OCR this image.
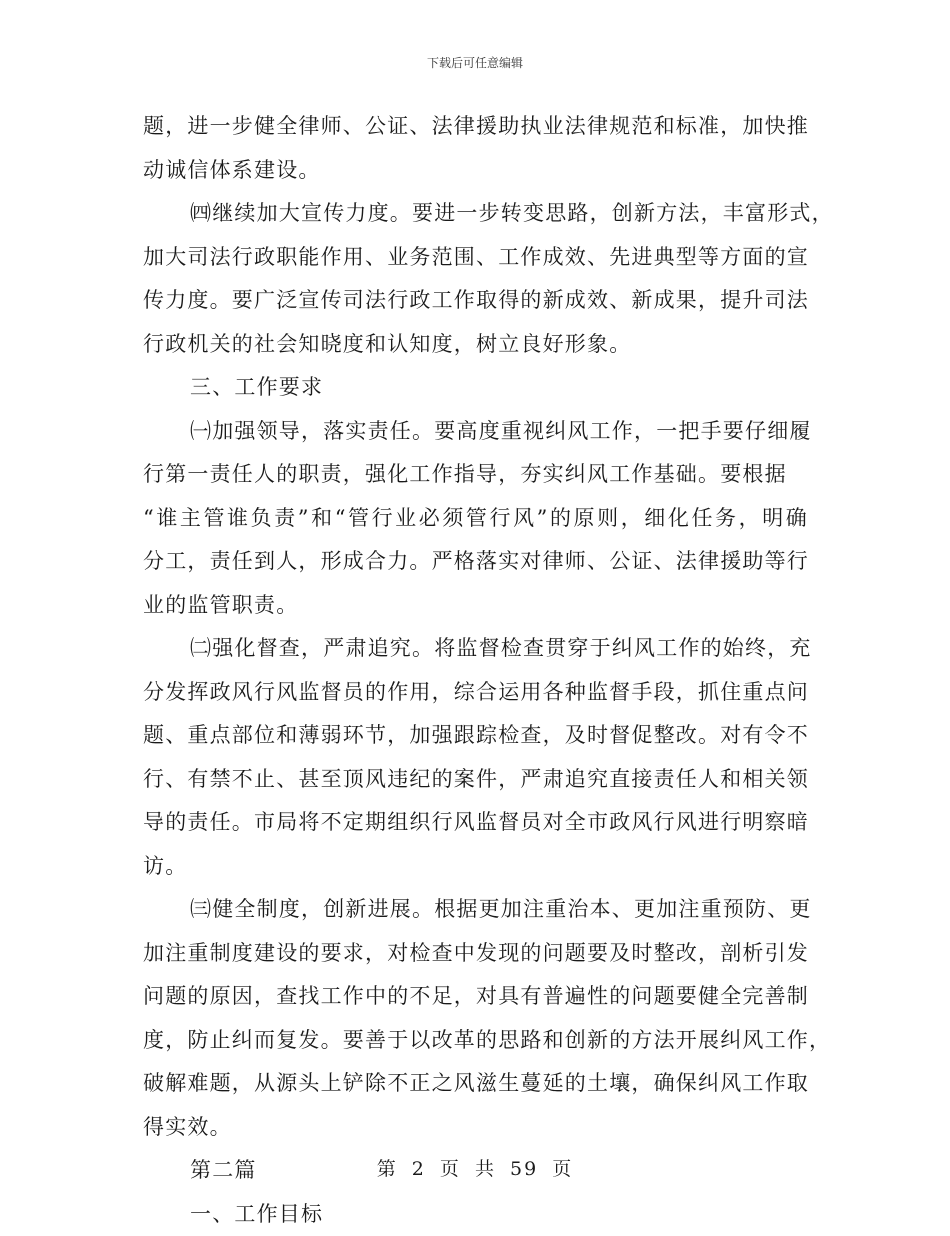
下载后可任意编辑
题，进一步健全律师、公证、法律援助执业法律规范和标准，加快推
动诚信体系建设。
㈣继续加大宣传力度。要进一步转变思路，创新方法，丰富形式，
加大司法行政职能作用、业务范围、工作成效、先进典型等方面的宣
传力度。要广泛宣传司法行政工作取得的新成效、新成果，提升司法
行政机关的社会知晓度和认知度，树立良好形象。
三、工作要求
㈠加强领导，落实责任。要高度重视纠风工作，一把手要仔细履
行第一责任人的职责，强化工作指导，夯实纠风工作基础。要根据
“谁主管谁负责”和“管行业必须管行风”的原则，细化任务，明确
分工，责任到人，形成合力。严格落实对律师、公证、法律援助等行
业的监管职责。
㈡强化督查，严肃追究。将监督检查贯穿于纠风工作的始终，充
分发挥政风行风监督员的作用，综合运用各种监督手段，抓住重点问
题、重点部位和薄弱环节，加强跟踪检查，及时督促整改。对有令不
行、有禁不止、甚至顶风违纪的案件，严肃追究直接责任人和相关领
导的责任。市局将不定期组织行风监督员对全市政风行风进行明察暗
访。
㈢健全制度，创新进展。根据更加注重治本、更加注重预防、更
加注重制度建设的要求，对检查中发现的问题要及时整改，剖析引发
问题的原因，查找工作中的不足，对具有普遍性的问题要健全完善制
度，防止纠而复发。要善于以改革的思路和创新的方法开展纠风工作，
破解难题，从源头上铲除不正之风滋生蔓延的土壤，确保纠风工作取
得实效。
第二篇
一、工作目标
第 2 页 共 59 页
